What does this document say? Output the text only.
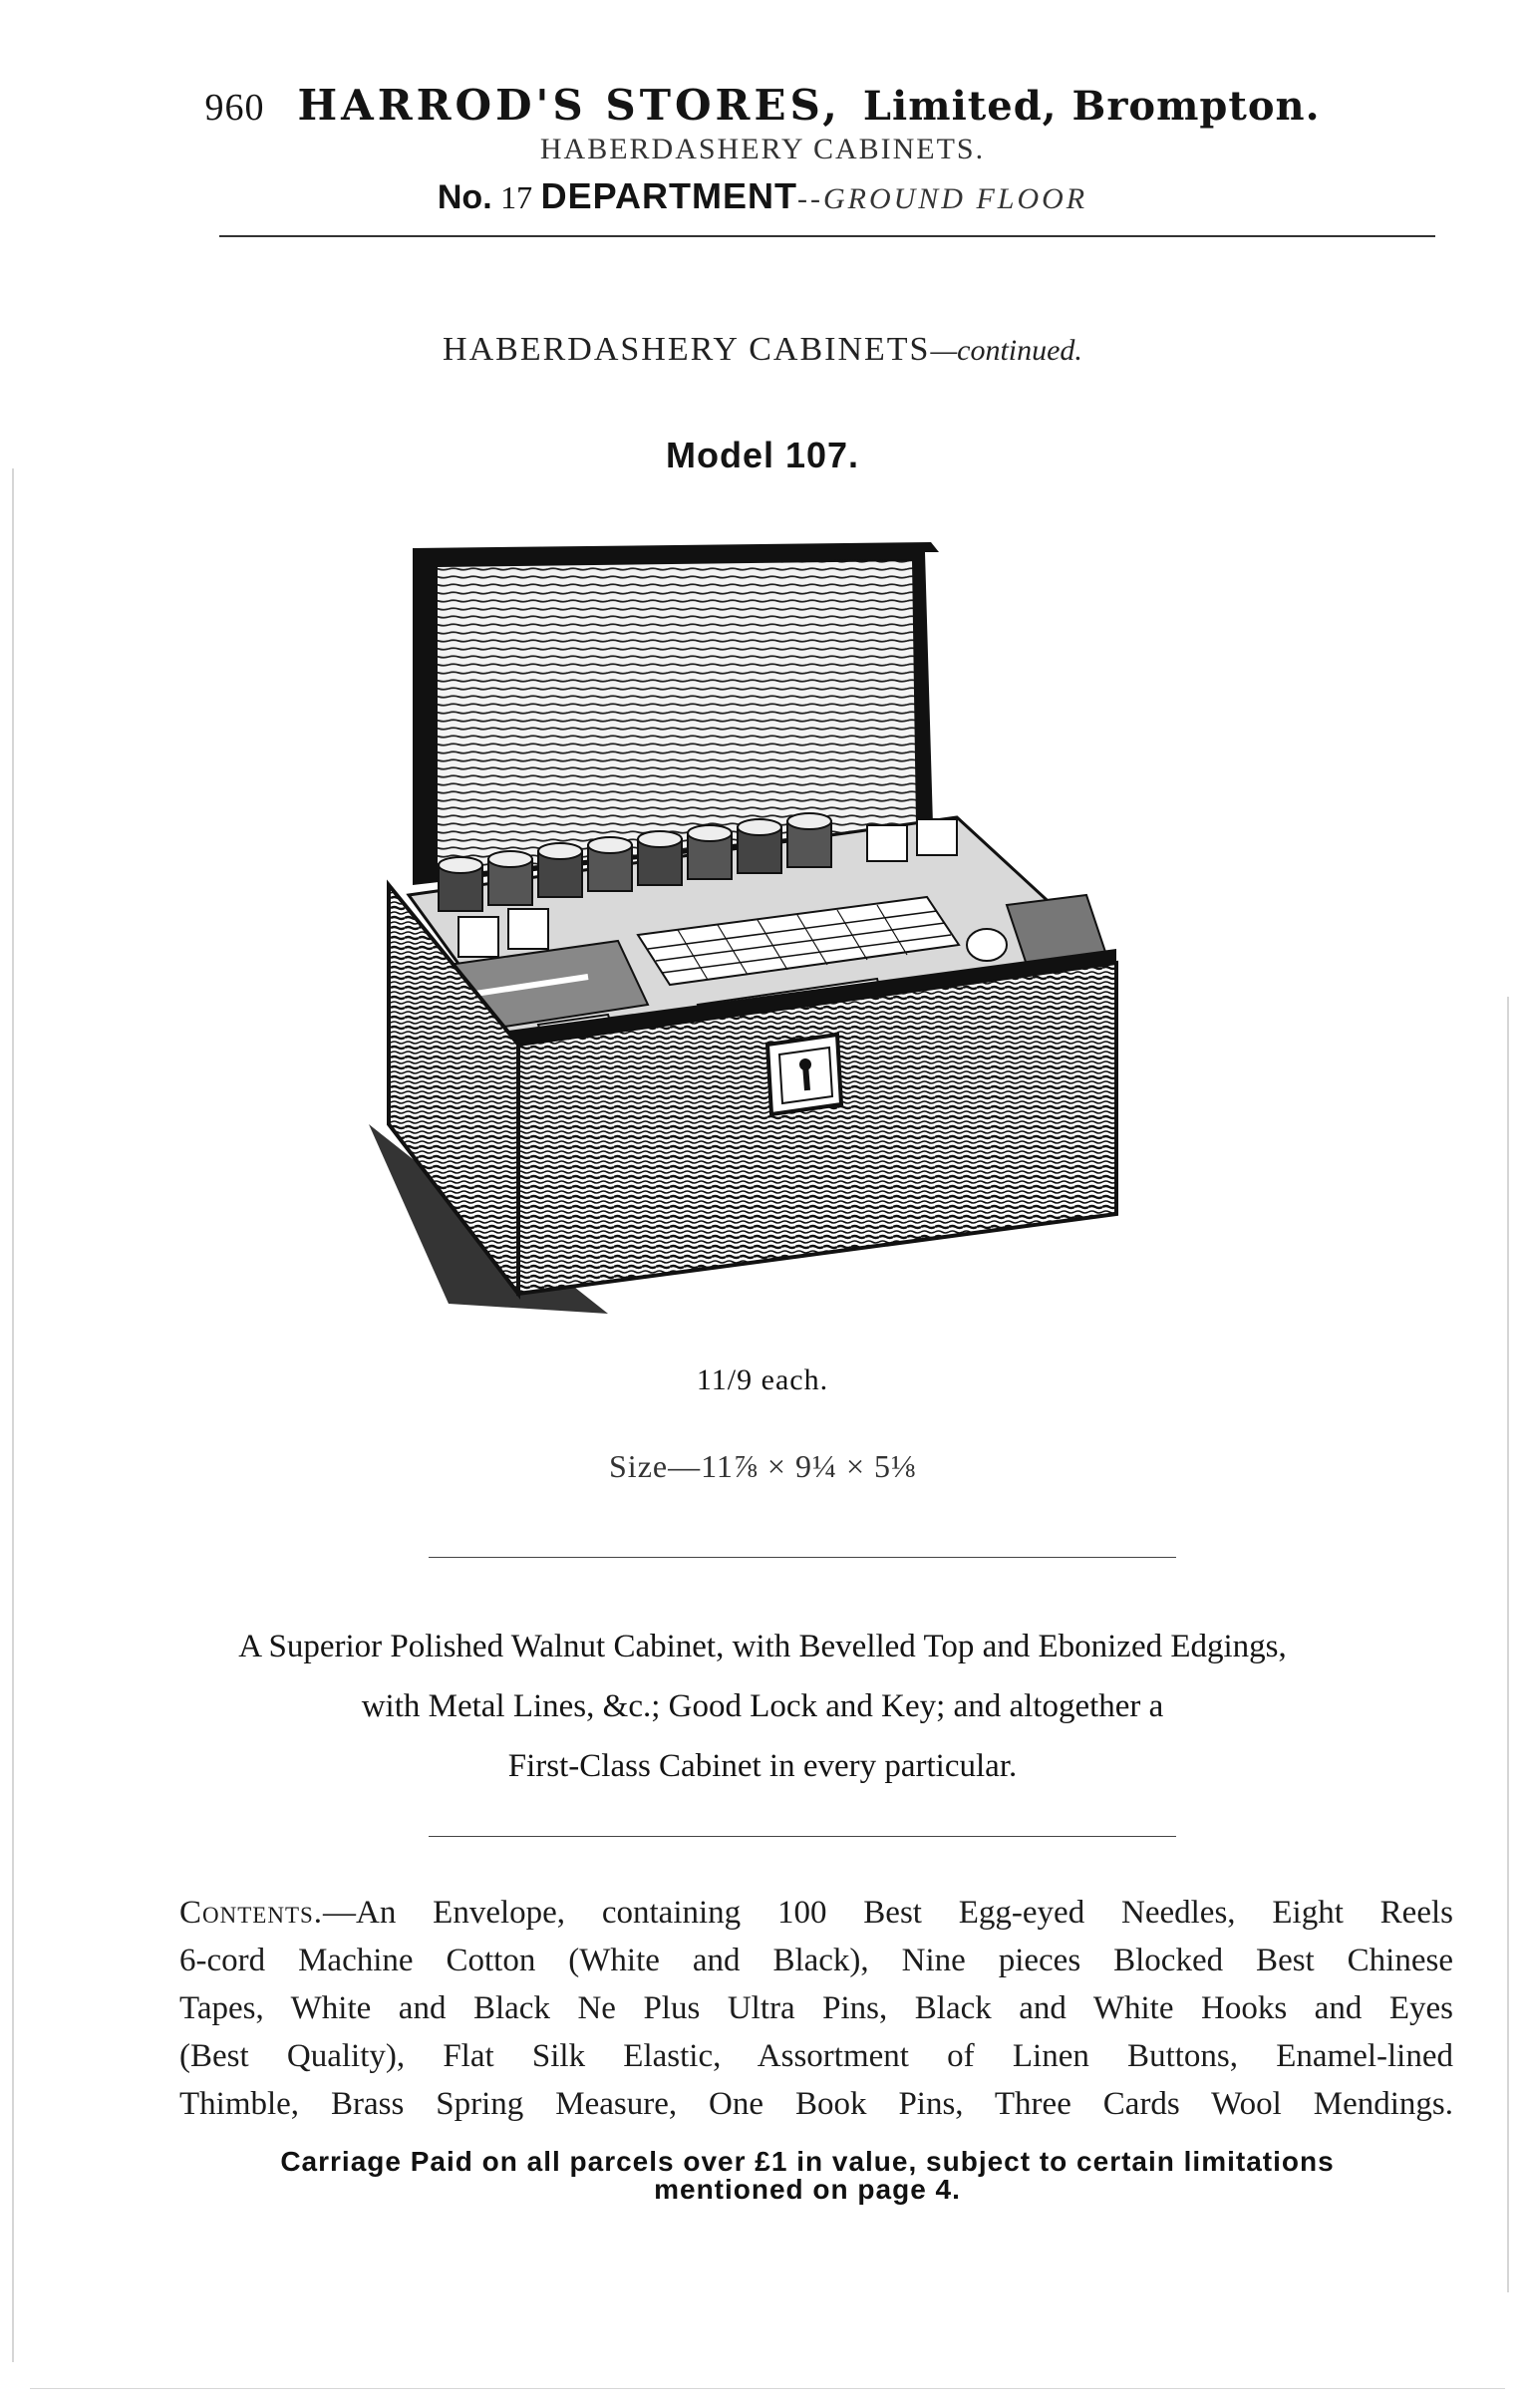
960 HARROD'S STORES, Limited, Brompton.
HABERDASHERY CABINETS.
No. 17 DEPARTMENT--GROUND FLOOR
HABERDASHERY CABINETS—continued.
Model 107.
11/9 each.
Size—11⅞ × 9¼ × 5⅛
A Superior Polished Walnut Cabinet, with Bevelled Top and Ebonized Edgings,
with Metal Lines, &c.; Good Lock and Key; and altogether a
First-Class Cabinet in every particular.
Contents.—An Envelope, containing 100 Best Egg-eyed Needles, Eight Reels
6-cord Machine Cotton (White and Black), Nine pieces Blocked Best Chinese
Tapes, White and Black Ne Plus Ultra Pins, Black and White Hooks and Eyes
(Best Quality), Flat Silk Elastic, Assortment of Linen Buttons, Enamel-lined
Thimble, Brass Spring Measure, One Book Pins, Three Cards Wool Mendings.
Carriage Paid on all parcels over £1 in value, subject to certain limitations
mentioned on page 4.
